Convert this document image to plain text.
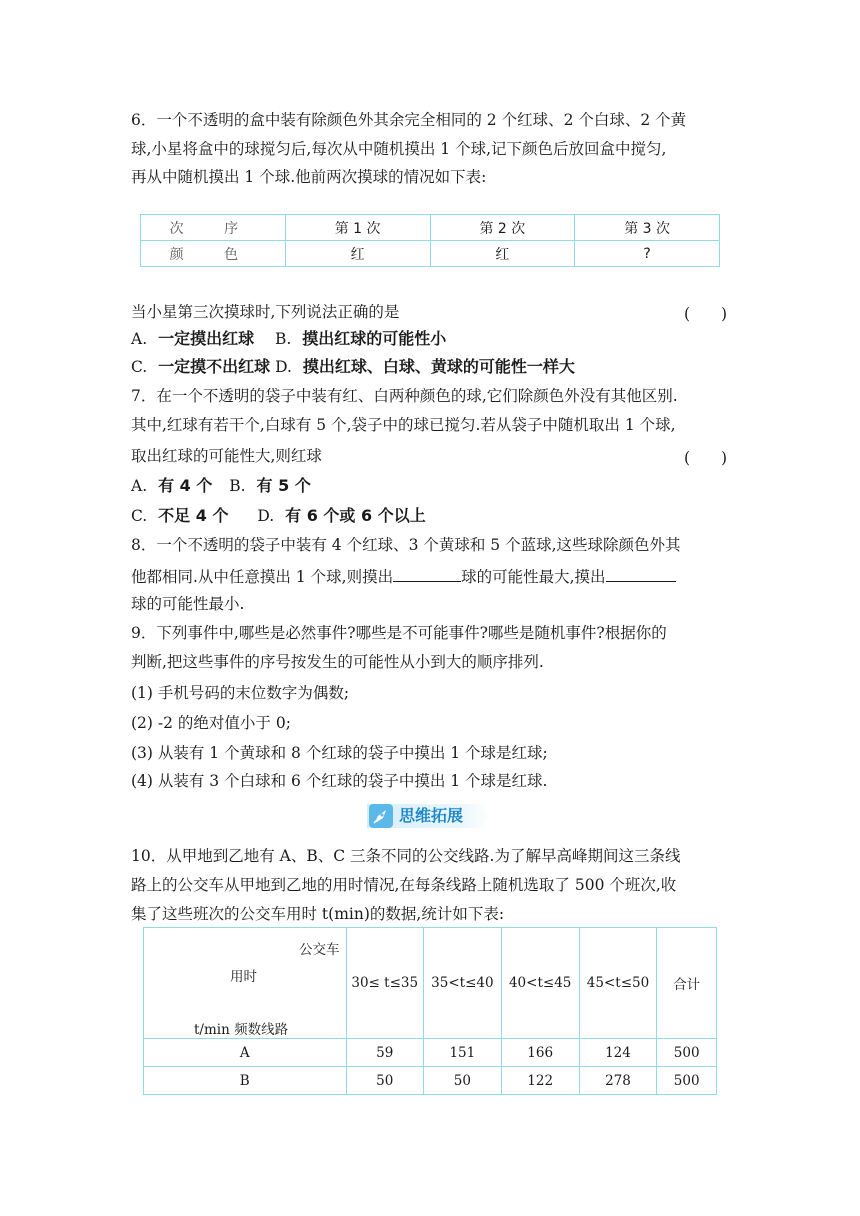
6．一个不透明的盒中装有除颜色外其余完全相同的 2 个红球、2 个白球、2 个黄
球,小星将盒中的球搅匀后,每次从中随机摸出 1 个球,记下颜色后放回盒中搅匀,
再从中随机摸出 1 个球.他前两次摸球的情况如下表:
次 序	第 1 次	第 2 次	第 3 次
颜 色	红	红	?
当小星第三次摸球时,下列说法正确的是	(　　)
A. 一定摸出红球 B. 摸出红球的可能性小
C. 一定摸不出红球 D. 摸出红球、白球、黄球的可能性一样大
7．在一个不透明的袋子中装有红、白两种颜色的球,它们除颜色外没有其他区别.
其中,红球有若干个,白球有 5 个,袋子中的球已搅匀.若从袋子中随机取出 1 个球,
取出红球的可能性大,则红球	(　　)
A. 有 4 个 B. 有 5 个
C. 不足 4 个 D. 有 6 个或 6 个以上
8．一个不透明的袋子中装有 4 个红球、3 个黄球和 5 个蓝球,这些球除颜色外其
他都相同.从中任意摸出 1 个球,则摸出	球的可能性最大,摸出
球的可能性最小.
9．下列事件中,哪些是必然事件?哪些是不可能事件?哪些是随机事件?根据你的
判断,把这些事件的序号按发生的可能性从小到大的顺序排列.
(1) 手机号码的末位数字为偶数;
(2) -2 的绝对值小于 0;
(3) 从装有 1 个黄球和 8 个红球的袋子中摸出 1 个球是红球;
(4) 从装有 3 个白球和 6 个红球的袋子中摸出 1 个球是红球.
思维拓展
10．从甲地到乙地有 A、B、C 三条不同的公交线路.为了解早高峰期间这三条线
路上的公交车从甲地到乙地的用时情况,在每条线路上随机选取了 500 个班次,收
集了这些班次的公交车用时 t(min)的数据,统计如下表:
公交车
用时
t/min 频数线路	30≤ t≤35	35<t≤40	40<t≤45	45<t≤50	合计
A	59	151	166	124	500
B	50	50	122	278	500
